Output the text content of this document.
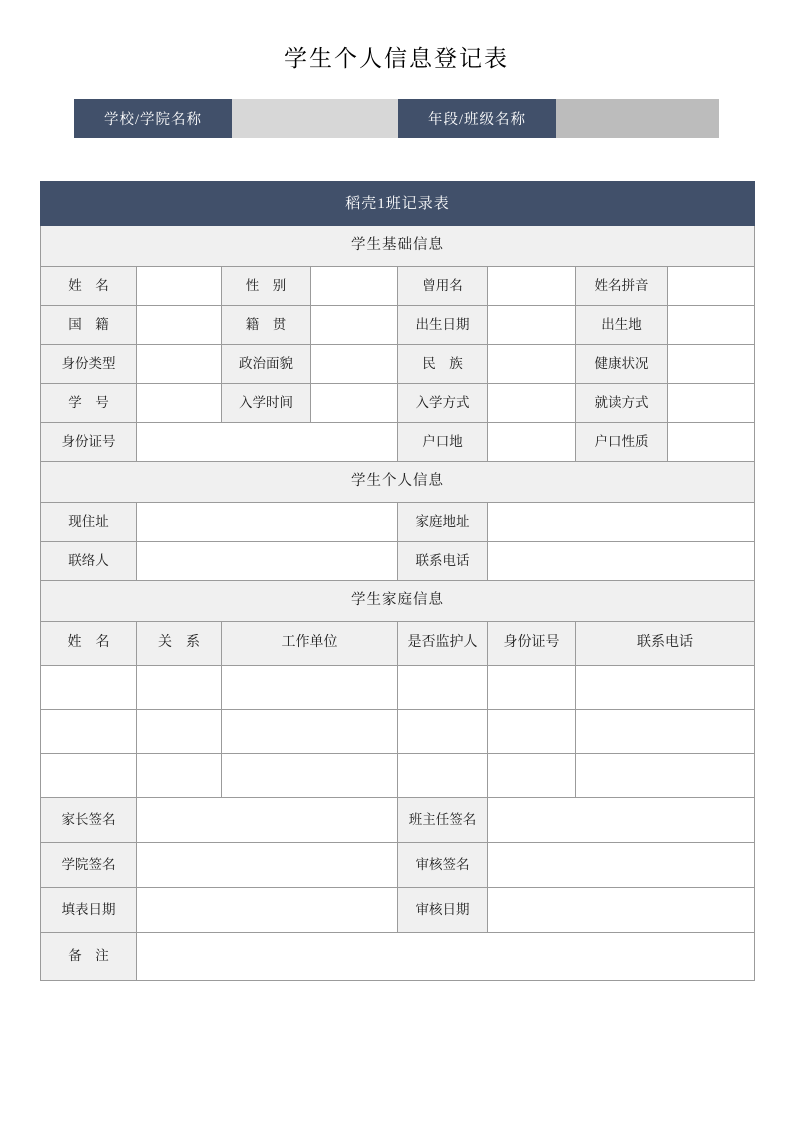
学生个人信息登记表
学校/学院名称	年段/班级名称
稻壳1班记录表							
学生基础信息							
姓　名		性　别		曾用名		姓名拼音	
国　籍		籍　贯		出生日期		出生地	
身份类型		政治面貌		民　族		健康状况	
学　号		入学时间		入学方式		就读方式	
身份证号				户口地		户口性质	
学生个人信息							
现住址				家庭地址			
联络人				联系电话			
学生家庭信息							
姓　名	关　系	工作单位		是否监护人	身份证号	联系电话	

家长签名				班主任签名			
学院签名				审核签名			
填表日期				审核日期			
备　注							
